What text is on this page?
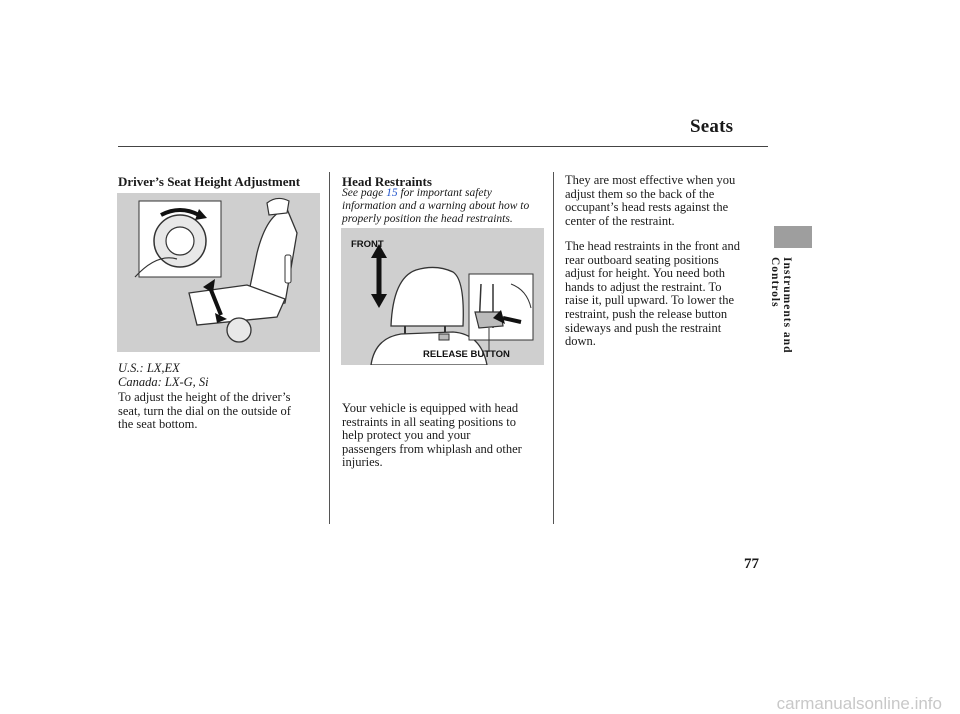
Seats
Instruments and Controls
Driver’s Seat Height Adjustment
U.S.: LX,EX
Canada: LX-G, Si

To adjust the height of the driver’s

seat, turn the dial on the outside of

the seat bottom.

Head Restraints

See page 15 for important safety

information and a warning about how to

properly position the head restraints.

FRONT
RELEASE BUTTON

Your vehicle is equipped with head

restraints in all seating positions to

help protect you and your

passengers from whiplash and other

injuries.

They are most effective when you

adjust them so the back of the

occupant’s head rests against the

center of the restraint.

The head restraints in the front and

rear outboard seating positions

adjust for height. You need both

hands to adjust the restraint. To

raise it, pull upward. To lower the

restraint, push the release button

sideways and push the restraint

down.

77
carmanualsonline.info
